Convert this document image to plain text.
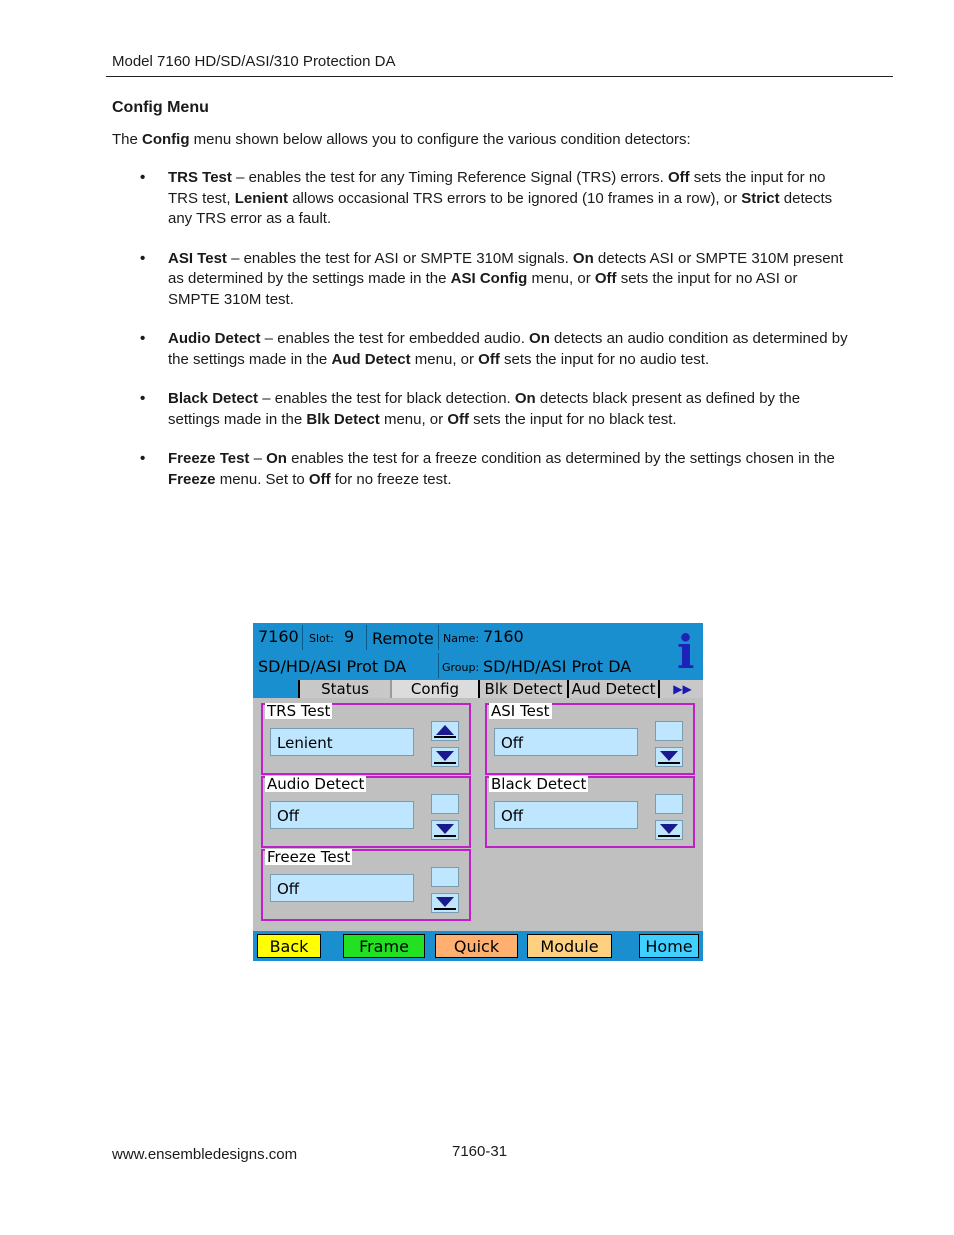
Model 7160 HD/SD/ASI/310 Protection DA
Config Menu
The Config menu shown below allows you to configure the various condition detectors:
• TRS Test – enables the test for any Timing Reference Signal (TRS) errors. Off sets the input for no TRS test, Lenient allows occasional TRS errors to be ignored (10 frames in a row), or Strict detects any TRS error as a fault.
• ASI Test – enables the test for ASI or SMPTE 310M signals. On detects ASI or SMPTE 310M present as determined by the settings made in the ASI Config menu, or Off sets the input for no ASI or SMPTE 310M test.
• Audio Detect – enables the test for embedded audio. On detects an audio condition as determined by the settings made in the Aud Detect menu, or Off sets the input for no audio test.
• Black Detect – enables the test for black detection. On detects black present as defined by the settings made in the Blk Detect menu, or Off sets the input for no black test.
• Freeze Test – On enables the test for a freeze condition as determined by the settings chosen in the Freeze menu. Set to Off for no freeze test.
7160 Slot: 9 Remote Name: 7160
SD/HD/ASI Prot DA	Group: SD/HD/ASI Prot DA i
Status	Config	Blk Detect Aud Detect	▶▶
TRS Test
Lenient
ASI Test
Off
Audio Detect
Off
Black Detect
Off
Freeze Test
Off
Back	Frame	Quick	Module	Home
www.ensembledesigns.com	7160-31
